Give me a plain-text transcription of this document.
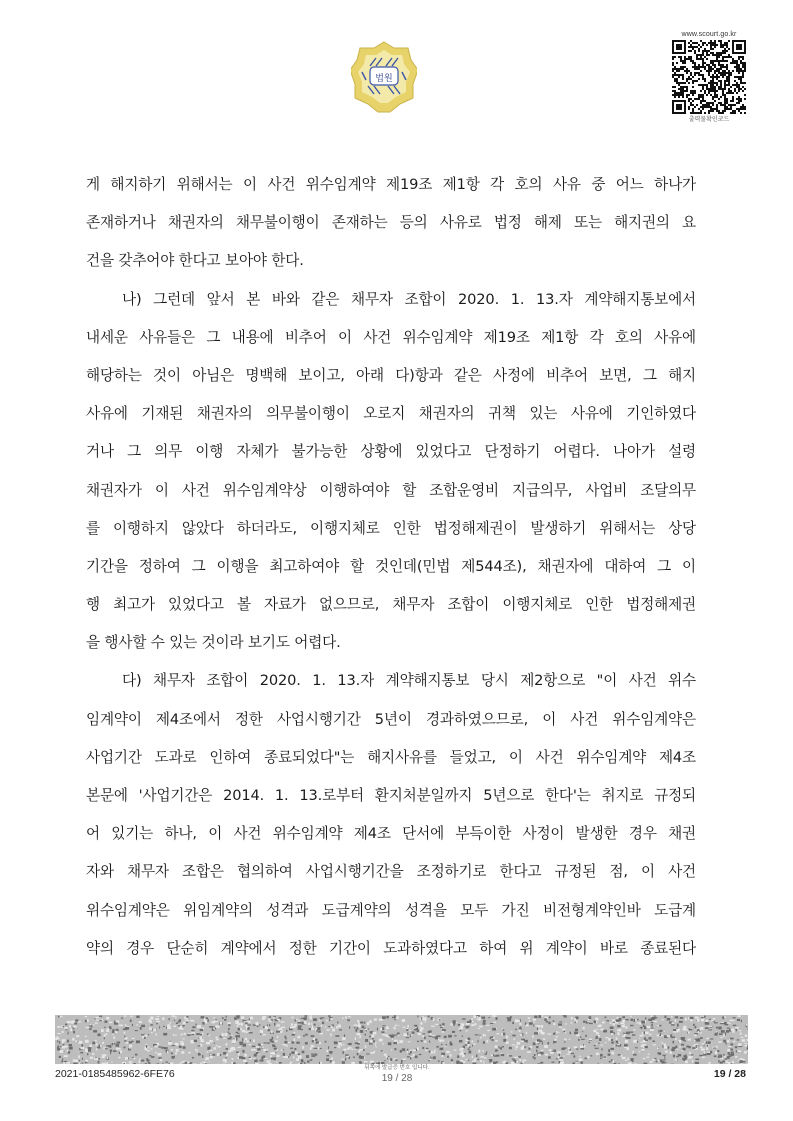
법원
www.scourt.go.kr
출력물확인코드
게 해지하기 위해서는 이 사건 위수임계약 제19조 제1항 각 호의 사유 중 어느 하나가
존재하거나 채권자의 채무불이행이 존재하는 등의 사유로 법정 해제 또는 해지권의 요
건을 갖추어야 한다고 보아야 한다.
나) 그런데 앞서 본 바와 같은 채무자 조합이 2020. 1. 13.자 계약해지통보에서
내세운 사유들은 그 내용에 비추어 이 사건 위수임계약 제19조 제1항 각 호의 사유에
해당하는 것이 아님은 명백해 보이고, 아래 다)항과 같은 사정에 비추어 보면, 그 해지
사유에 기재된 채권자의 의무불이행이 오로지 채권자의 귀책 있는 사유에 기인하였다
거나 그 의무 이행 자체가 불가능한 상황에 있었다고 단정하기 어렵다. 나아가 설령
채권자가 이 사건 위수임계약상 이행하여야 할 조합운영비 지급의무, 사업비 조달의무
를 이행하지 않았다 하더라도, 이행지체로 인한 법정해제권이 발생하기 위해서는 상당
기간을 정하여 그 이행을 최고하여야 할 것인데(민법 제544조), 채권자에 대하여 그 이
행 최고가 있었다고 볼 자료가 없으므로, 채무자 조합이 이행지체로 인한 법정해제권
을 행사할 수 있는 것이라 보기도 어렵다.
다) 채무자 조합이 2020. 1. 13.자 계약해지통보 당시 제2항으로 "이 사건 위수
임계약이 제4조에서 정한 사업시행기간 5년이 경과하였으므로, 이 사건 위수임계약은
사업기간 도과로 인하여 종료되었다"는 해지사유를 들었고, 이 사건 위수임계약 제4조
본문에 '사업기간은 2014. 1. 13.로부터 환지처분일까지 5년으로 한다'는 취지로 규정되
어 있기는 하나, 이 사건 위수임계약 제4조 단서에 부득이한 사정이 발생한 경우 채권
자와 채무자 조합은 협의하여 사업시행기간을 조정하기로 한다고 규정된 점, 이 사건
위수임계약은 위임계약의 성격과 도급계약의 성격을 모두 가진 비전형계약인바 도급계
약의 경우 단순히 계약에서 정한 기간이 도과하였다고 하여 위 계약이 바로 종료된다
2021-0185485962-6FE76	뒤쪽에 발급증 번호 입니다.
19 / 28	19 / 28
